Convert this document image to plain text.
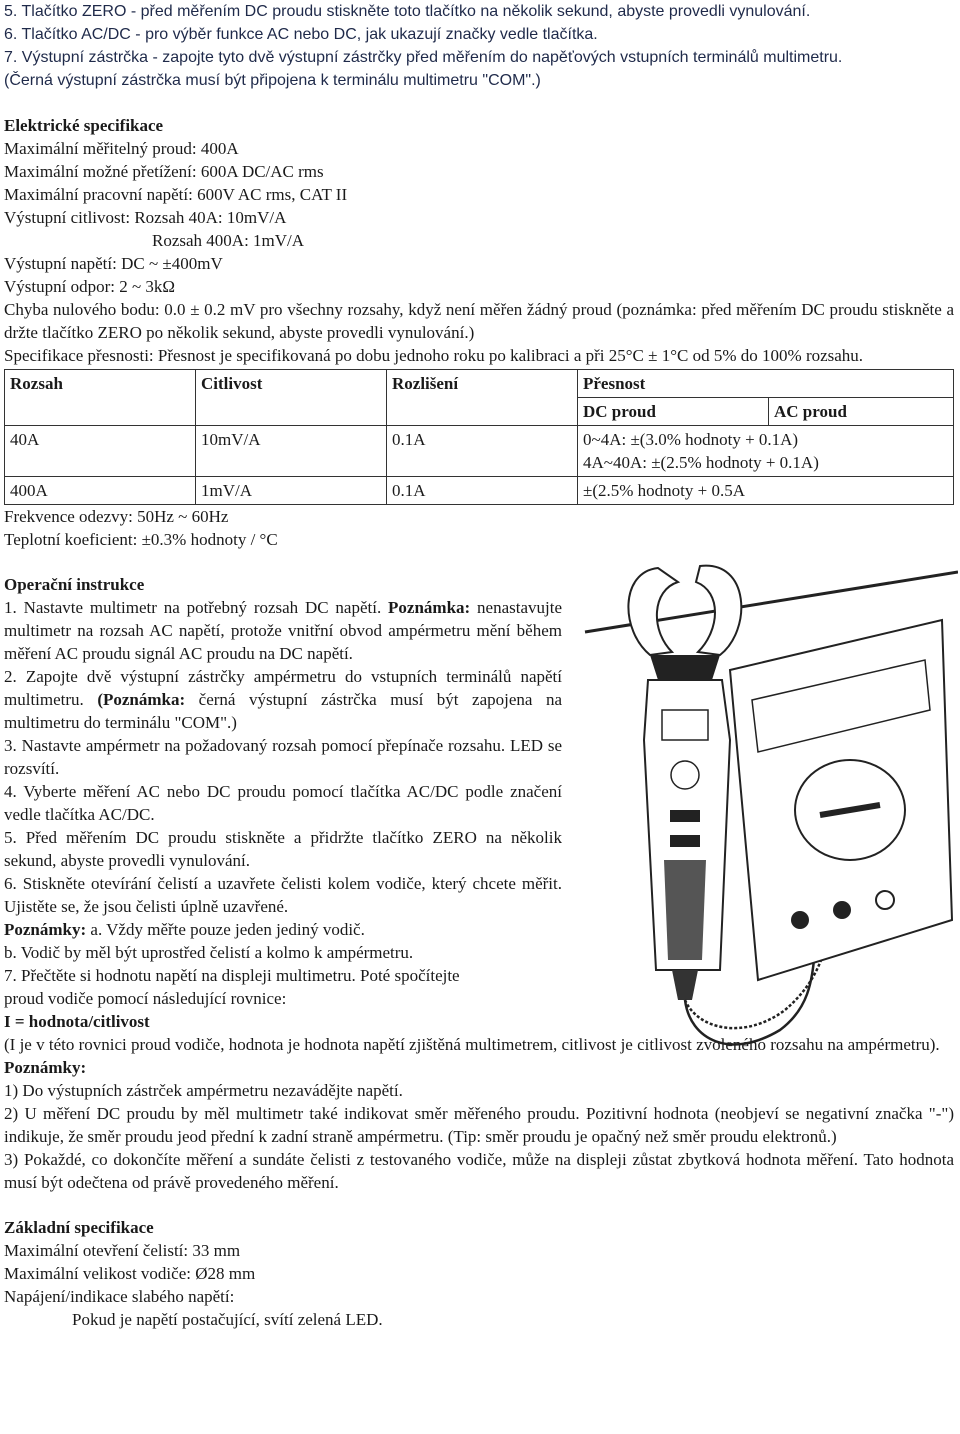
5. Tlačítko ZERO - před měřením DC proudu stiskněte toto tlačítko na několik sekund, abyste provedli vynulování.
6. Tlačítko AC/DC - pro výběr funkce AC nebo DC, jak ukazují značky vedle tlačítka.
7. Výstupní zástrčka - zapojte tyto dvě výstupní zástrčky před měřením do napěťových vstupních terminálů multimetru.
(Černá výstupní zástrčka musí být připojena k terminálu multimetru "COM".)
Elektrické specifikace
Maximální měřitelný proud: 400A
Maximální možné přetížení: 600A DC/AC rms
Maximální pracovní napětí: 600V AC rms, CAT II
Výstupní citlivost: Rozsah 40A: 10mV/A
Rozsah 400A: 1mV/A
Výstupní napětí: DC ~ ±400mV
Výstupní odpor: 2 ~ 3kΩ
Chyba nulového bodu: 0.0 ± 0.2 mV pro všechny rozsahy, když není měřen žádný proud (poznámka: před měřením DC proudu stiskněte a držte tlačítko ZERO po několik sekund, abyste provedli vynulování.)
Specifikace přesnosti: Přesnost je specifikovaná po dobu jednoho roku po kalibraci a při 25°C ± 1°C od 5% do 100% rozsahu.
Rozsah	Citlivost	Rozlišení	Přesnost	
			DC proud	AC proud
40A	10mV/A	0.1A	0~4A: ±(3.0% hodnoty + 0.1A)
4A~40A: ±(2.5% hodnoty + 0.1A)	

400A	1mV/A	0.1A	±(2.5% hodnoty + 0.5A	
Frekvence odezvy: 50Hz ~ 60Hz
Teplotní koeficient: ±0.3% hodnoty / °C
Operační instrukce
1. Nastavte multimetr na potřebný rozsah DC napětí. Poznámka: nenastavujte multimetr na rozsah AC napětí, protože vnitřní obvod ampérmetru mění během měření AC proudu signál AC proudu na DC napětí.
2. Zapojte dvě výstupní zástrčky ampérmetru do vstupních terminálů napětí multimetru. (Poznámka: černá výstupní zástrčka musí být zapojena na multimetru do terminálu "COM".)
3. Nastavte ampérmetr na požadovaný rozsah pomocí přepínače rozsahu. LED se rozsvítí.
4. Vyberte měření AC nebo DC proudu pomocí tlačítka AC/DC podle značení vedle tlačítka AC/DC.
5. Před měřením DC proudu stiskněte a přidržte tlačítko ZERO na několik sekund, abyste provedli vynulování.
6. Stiskněte otevírání čelistí a uzavřete čelisti kolem vodiče, který chcete měřit. Ujistěte se, že jsou čelisti úplně uzavřené.
Poznámky: a. Vždy měřte pouze jeden jediný vodič.
b. Vodič by měl být uprostřed čelistí a kolmo k ampérmetru.
7. Přečtěte si hodnotu napětí na displeji multimetru. Poté spočítejte
proud vodiče pomocí následující rovnice:
I = hodnota/citlivost
(I je v této rovnici proud vodiče, hodnota je hodnota napětí zjištěná multimetrem, citlivost je citlivost zvoleného rozsahu na ampérmetru).
Poznámky:
1) Do výstupních zástrček ampérmetru nezavádějte napětí.
2) U měření DC proudu by měl multimetr také indikovat směr měřeného proudu. Pozitivní hodnota (neobjeví se negativní značka "-") indikuje, že směr proudu jeod přední k zadní straně ampérmetru. (Tip: směr proudu je opačný než směr proudu elektronů.)
3) Pokaždé, co dokončíte měření a sundáte čelisti z testovaného vodiče, může na displeji zůstat zbytková hodnota měření. Tato hodnota musí být odečtena od právě provedeného měření.
Základní specifikace
Maximální otevření čelistí: 33 mm
Maximální velikost vodiče: Ø28 mm
Napájení/indikace slabého napětí:
Pokud je napětí postačující, svítí zelená LED.
